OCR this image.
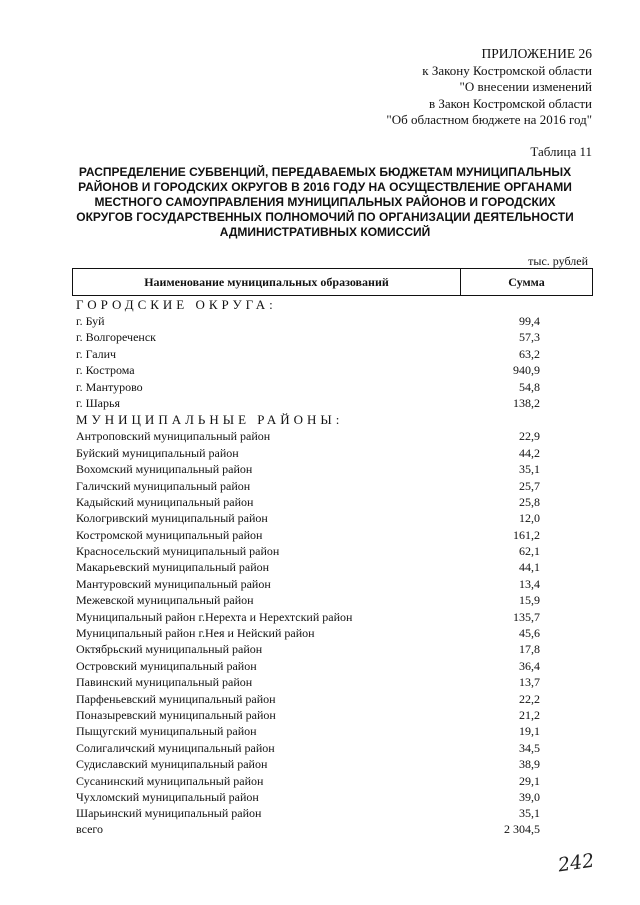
ПРИЛОЖЕНИЕ 26
к Закону Костромской области
"О внесении изменений
в Закон Костромской области
"Об областном бюджете на 2016 год"
Таблица 11
РАСПРЕДЕЛЕНИЕ СУБВЕНЦИЙ, ПЕРЕДАВАЕМЫХ БЮДЖЕТАМ МУНИЦИПАЛЬНЫХ
РАЙОНОВ И ГОРОДСКИХ ОКРУГОВ В 2016 ГОДУ НА ОСУЩЕСТВЛЕНИЕ ОРГАНАМИ
МЕСТНОГО САМОУПРАВЛЕНИЯ МУНИЦИПАЛЬНЫХ РАЙОНОВ И ГОРОДСКИХ
ОКРУГОВ ГОСУДАРСТВЕННЫХ ПОЛНОМОЧИЙ ПО ОРГАНИЗАЦИИ ДЕЯТЕЛЬНОСТИ
АДМИНИСТРАТИВНЫХ КОМИССИЙ
тыс. рублей
Наименование муниципальных образований	Сумма
ГОРОДСКИЕ ОКРУГА:
г. Буй	99,4
г. Волгореченск	57,3
г. Галич	63,2
г. Кострома	940,9
г. Мантурово	54,8
г. Шарья	138,2
МУНИЦИПАЛЬНЫЕ РАЙОНЫ:
Антроповский муниципальный район	22,9
Буйский муниципальный район	44,2
Вохомский муниципальный район	35,1
Галичский муниципальный район	25,7
Кадыйский муниципальный район	25,8
Кологривский муниципальный район	12,0
Костромской муниципальный район	161,2
Красносельский муниципальный район	62,1
Макарьевский муниципальный район	44,1
Мантуровский муниципальный район	13,4
Межевской муниципальный район	15,9
Муниципальный район г.Нерехта и Нерехтский район	135,7
Муниципальный район г.Нея и Нейский район	45,6
Октябрьский муниципальный район	17,8
Островский муниципальный район	36,4
Павинский муниципальный район	13,7
Парфеньевский муниципальный район	22,2
Поназыревский муниципальный район	21,2
Пыщугский муниципальный район	19,1
Солигаличский муниципальный район	34,5
Судиславский муниципальный район	38,9
Сусанинский муниципальный район	29,1
Чухломский муниципальный район	39,0
Шарьинский муниципальный район	35,1
всего	2 304,5
242
